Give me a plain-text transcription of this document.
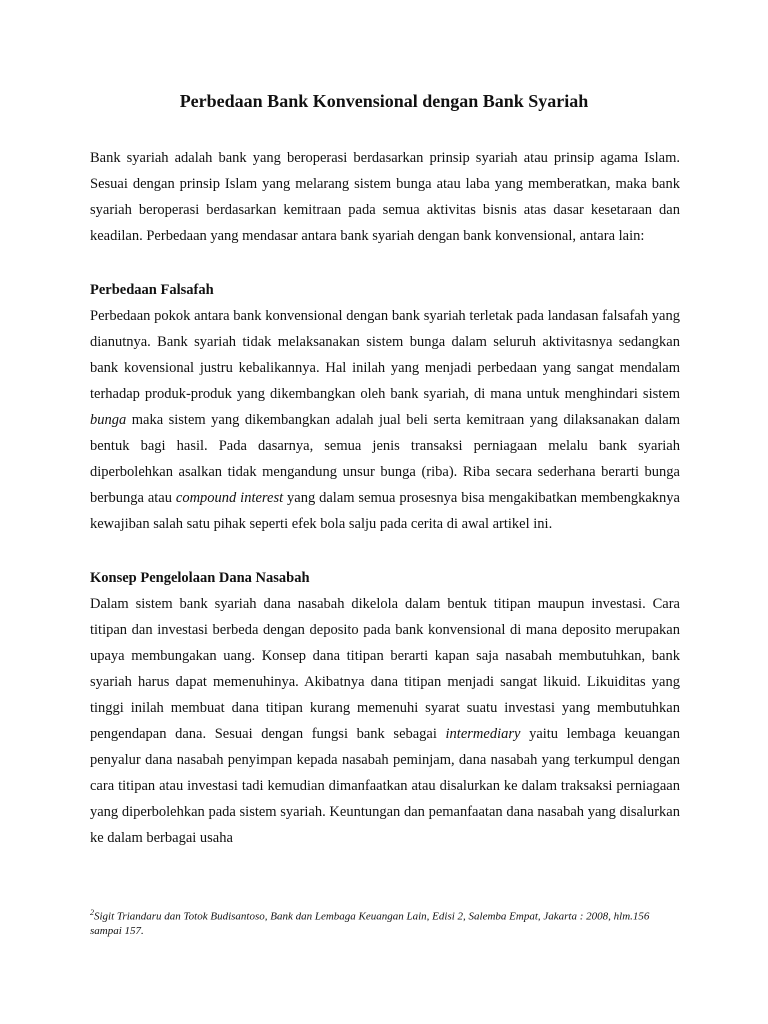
Perbedaan Bank Konvensional dengan Bank Syariah

Bank syariah adalah bank yang beroperasi berdasarkan prinsip syariah atau prinsip agama Islam. Sesuai dengan prinsip Islam yang melarang sistem bunga atau laba yang memberatkan, maka bank syariah beroperasi berdasarkan kemitraan pada semua aktivitas bisnis atas dasar kesetaraan dan keadilan. Perbedaan yang mendasar antara bank syariah dengan bank konvensional, antara lain:

Perbedaan Falsafah

Perbedaan pokok antara bank konvensional dengan bank syariah terletak pada landasan falsafah yang dianutnya. Bank syariah tidak melaksanakan sistem bunga dalam seluruh aktivitasnya sedangkan bank kovensional justru kebalikannya. Hal inilah yang menjadi perbedaan yang sangat mendalam terhadap produk-produk yang dikembangkan oleh bank syariah, di mana untuk menghindari sistem bunga maka sistem yang dikembangkan adalah jual beli serta kemitraan yang dilaksanakan dalam bentuk bagi hasil. Pada dasarnya, semua jenis transaksi perniagaan melalu bank syariah diperbolehkan asalkan tidak mengandung unsur bunga (riba). Riba secara sederhana berarti bunga berbunga atau compound interest yang dalam semua prosesnya bisa mengakibatkan membengkaknya kewajiban salah satu pihak seperti efek bola salju pada cerita di awal artikel ini.

Konsep Pengelolaan Dana Nasabah

Dalam sistem bank syariah dana nasabah dikelola dalam bentuk titipan maupun investasi. Cara titipan dan investasi berbeda dengan deposito pada bank konvensional di mana deposito merupakan upaya membungakan uang. Konsep dana titipan berarti kapan saja nasabah membutuhkan, bank syariah harus dapat memenuhinya. Akibatnya dana titipan menjadi sangat likuid. Likuiditas yang tinggi inilah membuat dana titipan kurang memenuhi syarat suatu investasi yang membutuhkan pengendapan dana. Sesuai dengan fungsi bank sebagai intermediary yaitu lembaga keuangan penyalur dana nasabah penyimpan kepada nasabah peminjam, dana nasabah yang terkumpul dengan cara titipan atau investasi tadi kemudian dimanfaatkan atau disalurkan ke dalam traksaksi perniagaan yang diperbolehkan pada sistem syariah. Keuntungan dan pemanfaatan dana nasabah yang disalurkan ke dalam berbagai usaha

$^2$Sigit Triandaru dan Totok Budisantoso, Bank dan Lembaga Keuangan Lain, Edisi 2, Salemba Empat, Jakarta : 2008, hlm.156 sampai 157.
